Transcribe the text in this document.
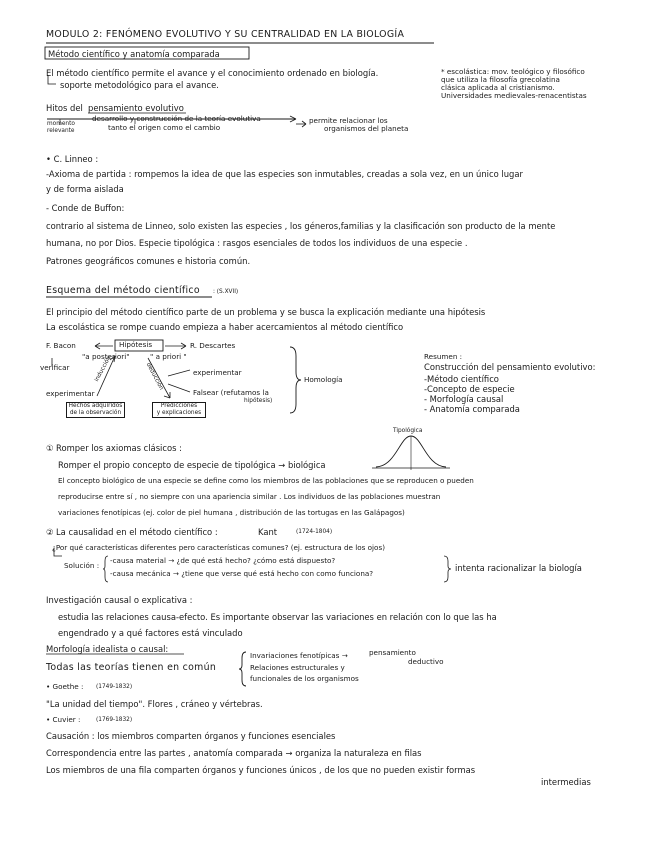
MODULO 2: FENÓMENO EVOLUTIVO Y SU CENTRALIDAD EN LA BIOLOGÍA
Método científico y anatomía comparada
El método científico permite el avance y el conocimiento ordenado en biología.
soporte metodológico para el avance.
* escolástica: mov. teológico y filosófico
que utiliza la filosofía grecolatina
clásica aplicada al cristianismo.
Universidades medievales-renacentistas
Hitos del pensamiento evolutivo
momento
relevante
desarrollo y construcción de la teoría evolutiva
tanto el origen como el cambio
permite relacionar los
organismos del planeta
• C. Linneo :
-Axioma de partida : rompemos la idea de que las especies son inmutables, creadas a sola vez, en un único lugar
y de forma aislada
- Conde de Buffon:
contrario al sistema de Linneo, solo existen las especies , los géneros,familias y la clasificación son producto de la mente
humana, no por Dios. Especie tipológica : rasgos esenciales de todos los individuos de una especie .
Patrones geográficos comunes e historia común.
Esquema del método científico : (S.XVII)
El principio del método científico parte de un problema y se busca la explicación mediante una hipótesis
La escolástica se rompe cuando empieza a haber acercamientos al método científico
F. Bacon	Hipótesis	R. Descartes
"a posteriori"	" a priori "
verificar	inducción	deducción
experimentar
experimentar
Falsear (refutamos la
hipótesis)
Hechos adquiridos
de la observación
Predicciones
y explicaciones
Homología
Resumen :
Construcción del pensamiento evolutivo:
-Método científico
-Concepto de especie
- Morfología causal
- Anatomía comparada
Tipológica
① Romper los axiomas clásicos :
Romper el propio concepto de especie de tipológica → biológica
El concepto biológico de una especie se define como los miembros de las poblaciones que se reproducen o pueden
reproducirse entre sí , no siempre con una apariencia similar . Los individuos de las poblaciones muestran
variaciones fenotípicas (ej. color de piel humana , distribución de las tortugas en las Galápagos)
② La causalidad en el método científico :	Kant	(1724-1804)
¿Por qué características diferentes pero características comunes? (ej. estructura de los ojos)
Solución :
-causa material → ¿de qué está hecho? ¿cómo está dispuesto?
-causa mecánica → ¿tiene que verse qué está hecho con como funciona?
intenta racionalizar la biología
Investigación causal o explicativa :
estudia las relaciones causa-efecto. Es importante observar las variaciones en relación con lo que las ha
engendrado y a qué factores está vinculado
Morfología idealista o causal:
Todas las teorías tienen en común
Invariaciones fenotípicas →
Relaciones estructurales y
funcionales de los organismos
pensamiento
deductivo
• Goethe : (1749-1832)
"La unidad del tiempo". Flores , cráneo y vértebras.
• Cuvier :	(1769-1832)
Causación : los miembros comparten órganos y funciones esenciales
Correspondencia entre las partes , anatomía comparada → organiza la naturaleza en filas
Los miembros de una fila comparten órganos y funciones únicos , de los que no pueden existir formas
intermedias
